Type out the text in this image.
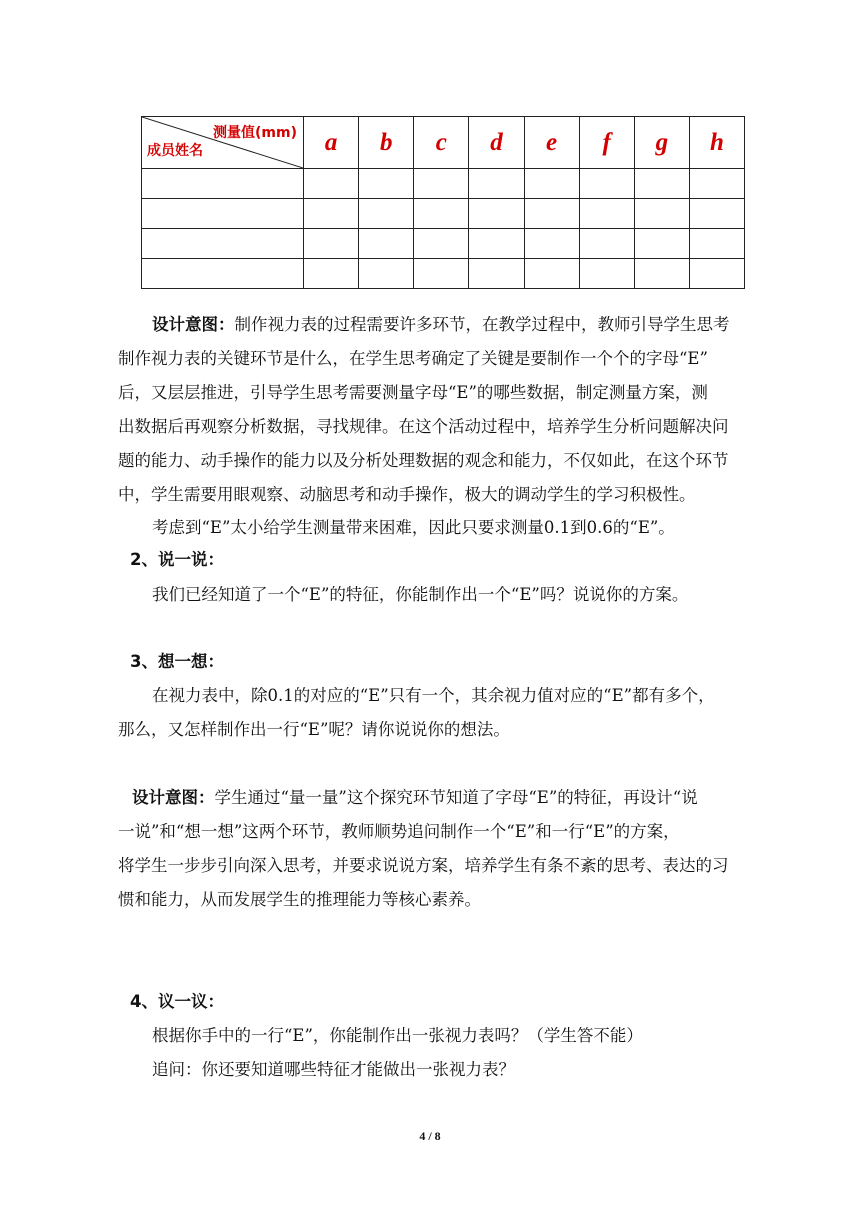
测量值(mm)
成员姓名	a	b	c	d	e	f	g	h

设计意图：制作视力表的过程需要许多环节，在教学过程中，教师引导学生思考
制作视力表的关键环节是什么，在学生思考确定了关键是要制作一个个的字母“E”
后，又层层推进，引导学生思考需要测量字母“E”的哪些数据，制定测量方案，测
出数据后再观察分析数据，寻找规律。在这个活动过程中，培养学生分析问题解决问
题的能力、动手操作的能力以及分析处理数据的观念和能力，不仅如此，在这个环节
中，学生需要用眼观察、动脑思考和动手操作，极大的调动学生的学习积极性。
考虑到“E”太小给学生测量带来困难，因此只要求测量0.1到0.6的“E”。
2、说一说：
我们已经知道了一个“E”的特征，你能制作出一个“E”吗？说说你的方案。
3、想一想：
在视力表中，除0.1的对应的“E”只有一个，其余视力值对应的“E”都有多个，
那么，又怎样制作出一行“E”呢？请你说说你的想法。
设计意图：学生通过“量一量”这个探究环节知道了字母“E”的特征，再设计“说
一说”和“想一想”这两个环节，教师顺势追问制作一个“E”和一行“E”的方案，
将学生一步步引向深入思考，并要求说说方案，培养学生有条不紊的思考、表达的习
惯和能力，从而发展学生的推理能力等核心素养。
4、议一议：
根据你手中的一行“E”，你能制作出一张视力表吗？（学生答不能）
追问：你还要知道哪些特征才能做出一张视力表？
4 / 8
